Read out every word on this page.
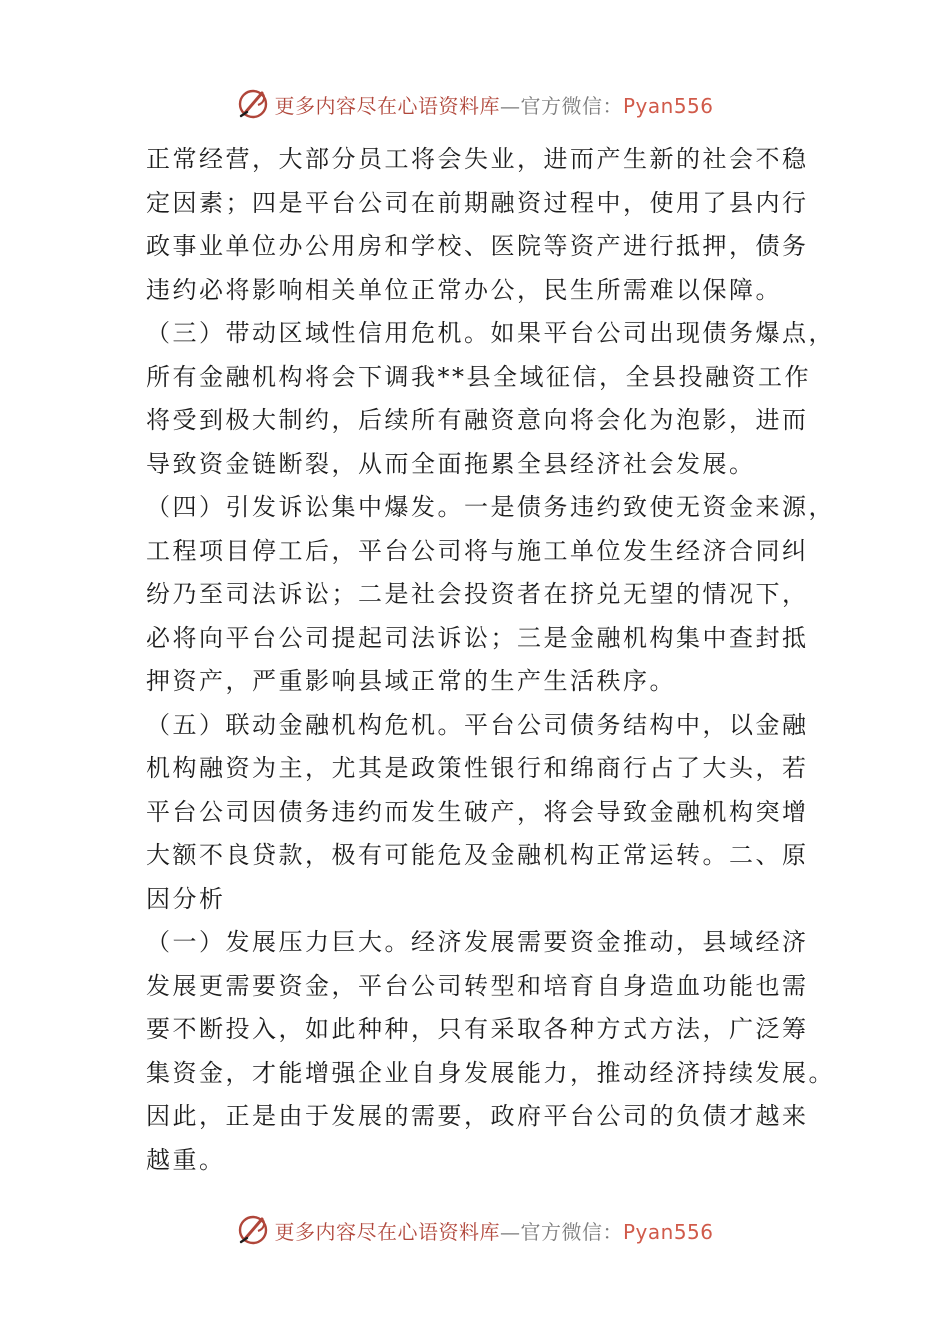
更多内容尽在心语资料库—官方微信：Pyan556
正常经营，大部分员工将会失业，进而产生新的社会不稳
定因素；四是平台公司在前期融资过程中，使用了县内行
政事业单位办公用房和学校、医院等资产进行抵押，债务
违约必将影响相关单位正常办公，民生所需难以保障。
（三）带动区域性信用危机。如果平台公司出现债务爆点，
所有金融机构将会下调我**县全域征信，全县投融资工作
将受到极大制约，后续所有融资意向将会化为泡影，进而
导致资金链断裂，从而全面拖累全县经济社会发展。
（四）引发诉讼集中爆发。一是债务违约致使无资金来源，
工程项目停工后，平台公司将与施工单位发生经济合同纠
纷乃至司法诉讼；二是社会投资者在挤兑无望的情况下，
必将向平台公司提起司法诉讼；三是金融机构集中查封抵
押资产，严重影响县域正常的生产生活秩序。
（五）联动金融机构危机。平台公司债务结构中，以金融
机构融资为主，尤其是政策性银行和绵商行占了大头，若
平台公司因债务违约而发生破产，将会导致金融机构突增
大额不良贷款，极有可能危及金融机构正常运转。二、原
因分析
（一）发展压力巨大。经济发展需要资金推动，县域经济
发展更需要资金，平台公司转型和培育自身造血功能也需
要不断投入，如此种种，只有采取各种方式方法，广泛筹
集资金，才能增强企业自身发展能力，推动经济持续发展。
因此，正是由于发展的需要，政府平台公司的负债才越来
越重。
更多内容尽在心语资料库—官方微信：Pyan556
